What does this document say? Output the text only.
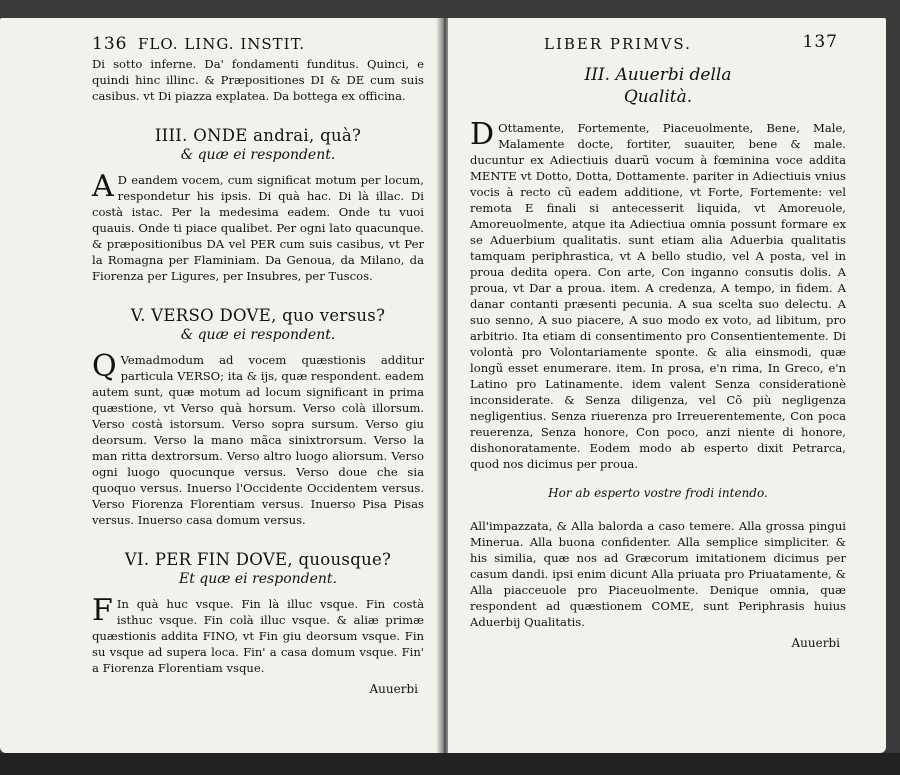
136 FLO. LING. INSTIT.

Di sotto inferne. Da' fondamenti funditus. Quinci, e quindi hinc illinc. & Præpositiones DI & DE cum suis casibus. vt Di piazza explatea. Da bottega ex officina.

IIII. ONDE andrai, quà?
& quæ ei respondent.
A D eandem vocem, cum significat motum per locum, respondetur his ipsis. Di quà hac. Di là illac. Di costà istac. Per la medesima eadem. Onde tu vuoi quauis. Onde ti piace qualibet. Per ogni lato quacunque. & præpositionibus DA vel PER cum suis casibus, vt Per la Romagna per Flaminiam. Da Genoua, da Milano, da Fiorenza per Ligures, per Insubres, per Tuscos.

V. VERSO DOVE, quo versus?
& quæ ei respondent.
Q Vemadmodum ad vocem quæstionis additur particula VERSO; ita & ijs, quæ respondent. eadem autem sunt, quæ motum ad locum significant in prima quæstione, vt Verso quà horsum. Verso colà illorsum. Verso costà istorsum. Verso sopra sursum. Verso giu deorsum. Verso la mano mãca sinixtrorsum. Verso la man ritta dextrorsum. Verso altro luogo aliorsum. Verso ogni luogo quocunque versus. Verso doue che sia quoquo versus. Inuerso l'Occidente Occidentem versus. Verso Fiorenza Florentiam versus. Inuerso Pisa Pisas versus. Inuerso casa domum versus.

VI. PER FIN DOVE, quousque?
Et quæ ei respondent.
F In quà huc vsque. Fin là illuc vsque. Fin costà isthuc vsque. Fin colà illuc vsque. & aliæ primæ quæstionis addita FINO, vt Fin giu deorsum vsque. Fin su vsque ad supera loca. Fin' a casa domum vsque. Fin' a Fiorenza Florentiam vsque.

Auuerbi
LIBER PRIMVS.	137
III. Auuerbi della
Qualità.
D Ottamente, Fortemente, Piaceuolmente, Bene, Male, Malamente docte, fortiter, suauiter, bene & male. ducuntur ex Adiectiuis duarũ vocum à fœminina voce addita MENTE vt Dotto, Dotta, Dottamente. pariter in Adiectiuis vnius vocis à recto cũ eadem additione, vt Forte, Fortemente: vel remota E finali si antecesserit liquida, vt Amoreuole, Amoreuolmente, atque ita Adiectiua omnia possunt formare ex se Aduerbium qualitatis. sunt etiam alia Aduerbia qualitatis tamquam periphrastica, vt A bello studio, vel A posta, vel in proua dedita opera. Con arte, Con inganno consutis dolis. A proua, vt Dar a proua. item. A credenza, A tempo, in fidem. A danar contanti præsenti pecunia. A sua scelta suo delectu. A suo senno, A suo piacere, A suo modo ex voto, ad libitum, pro arbitrio. Ita etiam di consentimento pro Consentientemente. Di volontà pro Volontariamente sponte. & alia einsmodi, quæ longũ esset enumerare. item. In prosa, e'n rima, In Greco, e'n Latino pro Latinamente. idem valent Senza considerationè inconsiderate. & Senza diligenza, vel Cõ più negligenza negligentius. Senza riuerenza pro Irreuerentemente, Con poca reuerenza, Senza honore, Con poco, anzi niente di honore, dishonoratamente. Eodem modo ab esperto dixit Petrarca, quod nos dicimus per proua.

Hor ab esperto vostre frodi intendo.

All'impazzata, & Alla balorda a caso temere. Alla grossa pingui Minerua. Alla buona confidenter. Alla semplice simpliciter. & his similia, quæ nos ad Græcorum imitationem dicimus per casum dandi. ipsi enim dicunt Alla priuata pro Priuatamente, & Alla piacceuole pro Piaceuolmente. Denique omnia, quæ respondent ad quæstionem COME, sunt Periphrasis huius Aduerbij Qualitatis.

Auuerbi
